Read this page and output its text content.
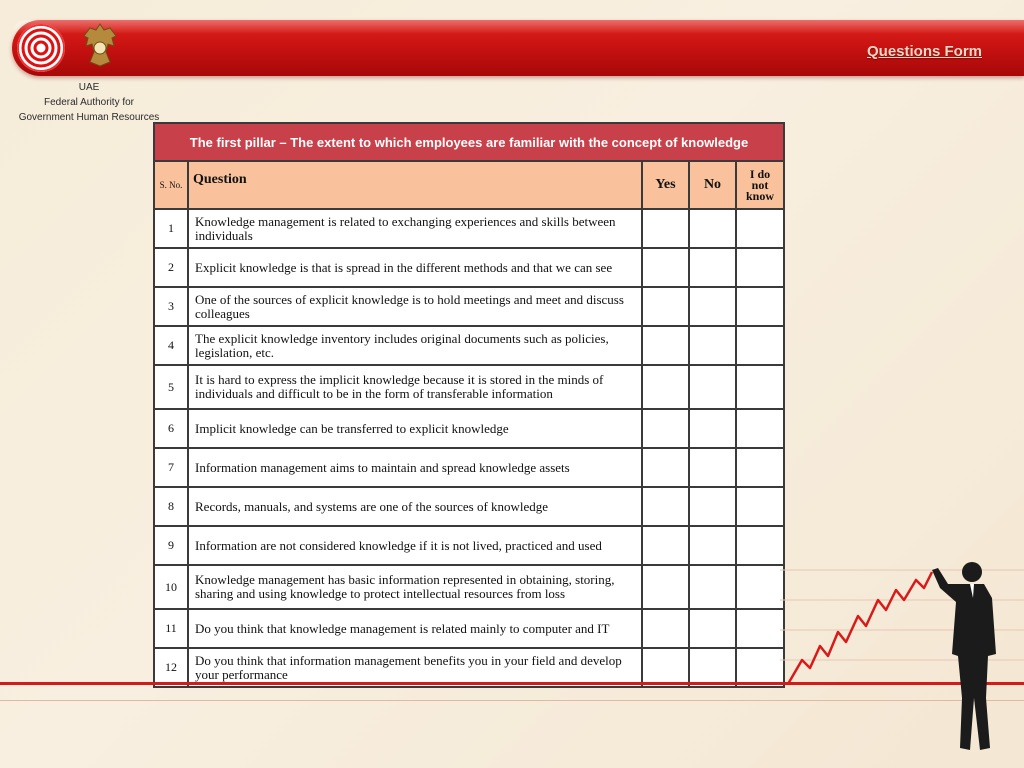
Questions Form
UAE
Federal Authority for
Government Human Resources
The first pillar – The extent to which employees are familiar with the concept of knowledge				
S. No.	Question	Yes	No	I do not know
1	Knowledge management is related to exchanging experiences and skills between individuals			
2	Explicit knowledge is that is spread in the different methods and that we can see			
3	One of the sources of explicit knowledge is to hold meetings and meet and discuss colleagues			
4	The explicit knowledge inventory includes original documents such as policies, legislation, etc.			
5	It is hard to express the implicit knowledge because it is stored in the minds of individuals and difficult to be in the form of transferable information			
6	Implicit knowledge can be transferred to explicit knowledge			
7	Information management aims to maintain and spread knowledge assets			
8	Records, manuals, and systems are one of the sources of knowledge			
9	Information are not considered knowledge if it is not lived, practiced and used			
10	Knowledge management has basic information represented in obtaining, storing, sharing and using knowledge to protect intellectual resources from loss			
11	Do you think that knowledge management is related mainly to computer and IT			
12	Do you think that information management benefits you in your field and develop your performance			
